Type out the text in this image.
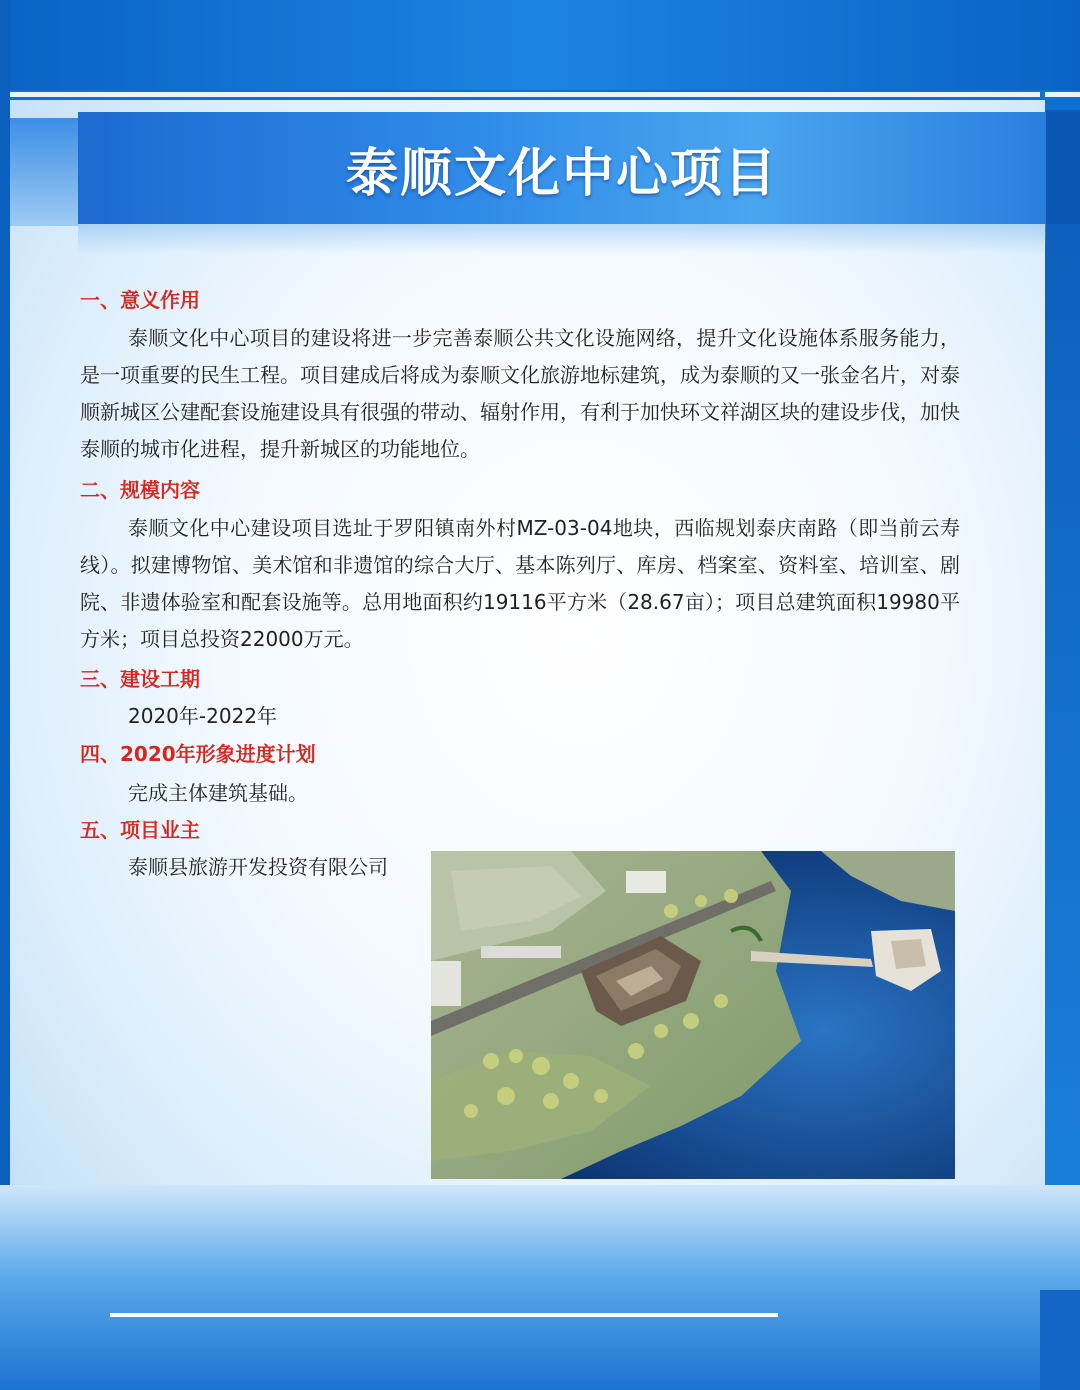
泰顺文化中心项目
一、意义作用
泰顺文化中心项目的建设将进一步完善泰顺公共文化设施网络，提升文化设施体系服务能力，是一项重要的民生工程。项目建成后将成为泰顺文化旅游地标建筑，成为泰顺的又一张金名片，对泰顺新城区公建配套设施建设具有很强的带动、辐射作用，有利于加快环文祥湖区块的建设步伐，加快泰顺的城市化进程，提升新城区的功能地位。
二、规模内容
泰顺文化中心建设项目选址于罗阳镇南外村MZ-03-04地块，西临规划泰庆南路（即当前云寿线）。拟建博物馆、美术馆和非遗馆的综合大厅、基本陈列厅、库房、档案室、资料室、培训室、剧院、非遗体验室和配套设施等。总用地面积约19116平方米（28.67亩）；项目总建筑面积19980平方米；项目总投资22000万元。
三、建设工期
2020年-2022年
四、2020年形象进度计划
完成主体建筑基础。
五、项目业主
泰顺县旅游开发投资有限公司
